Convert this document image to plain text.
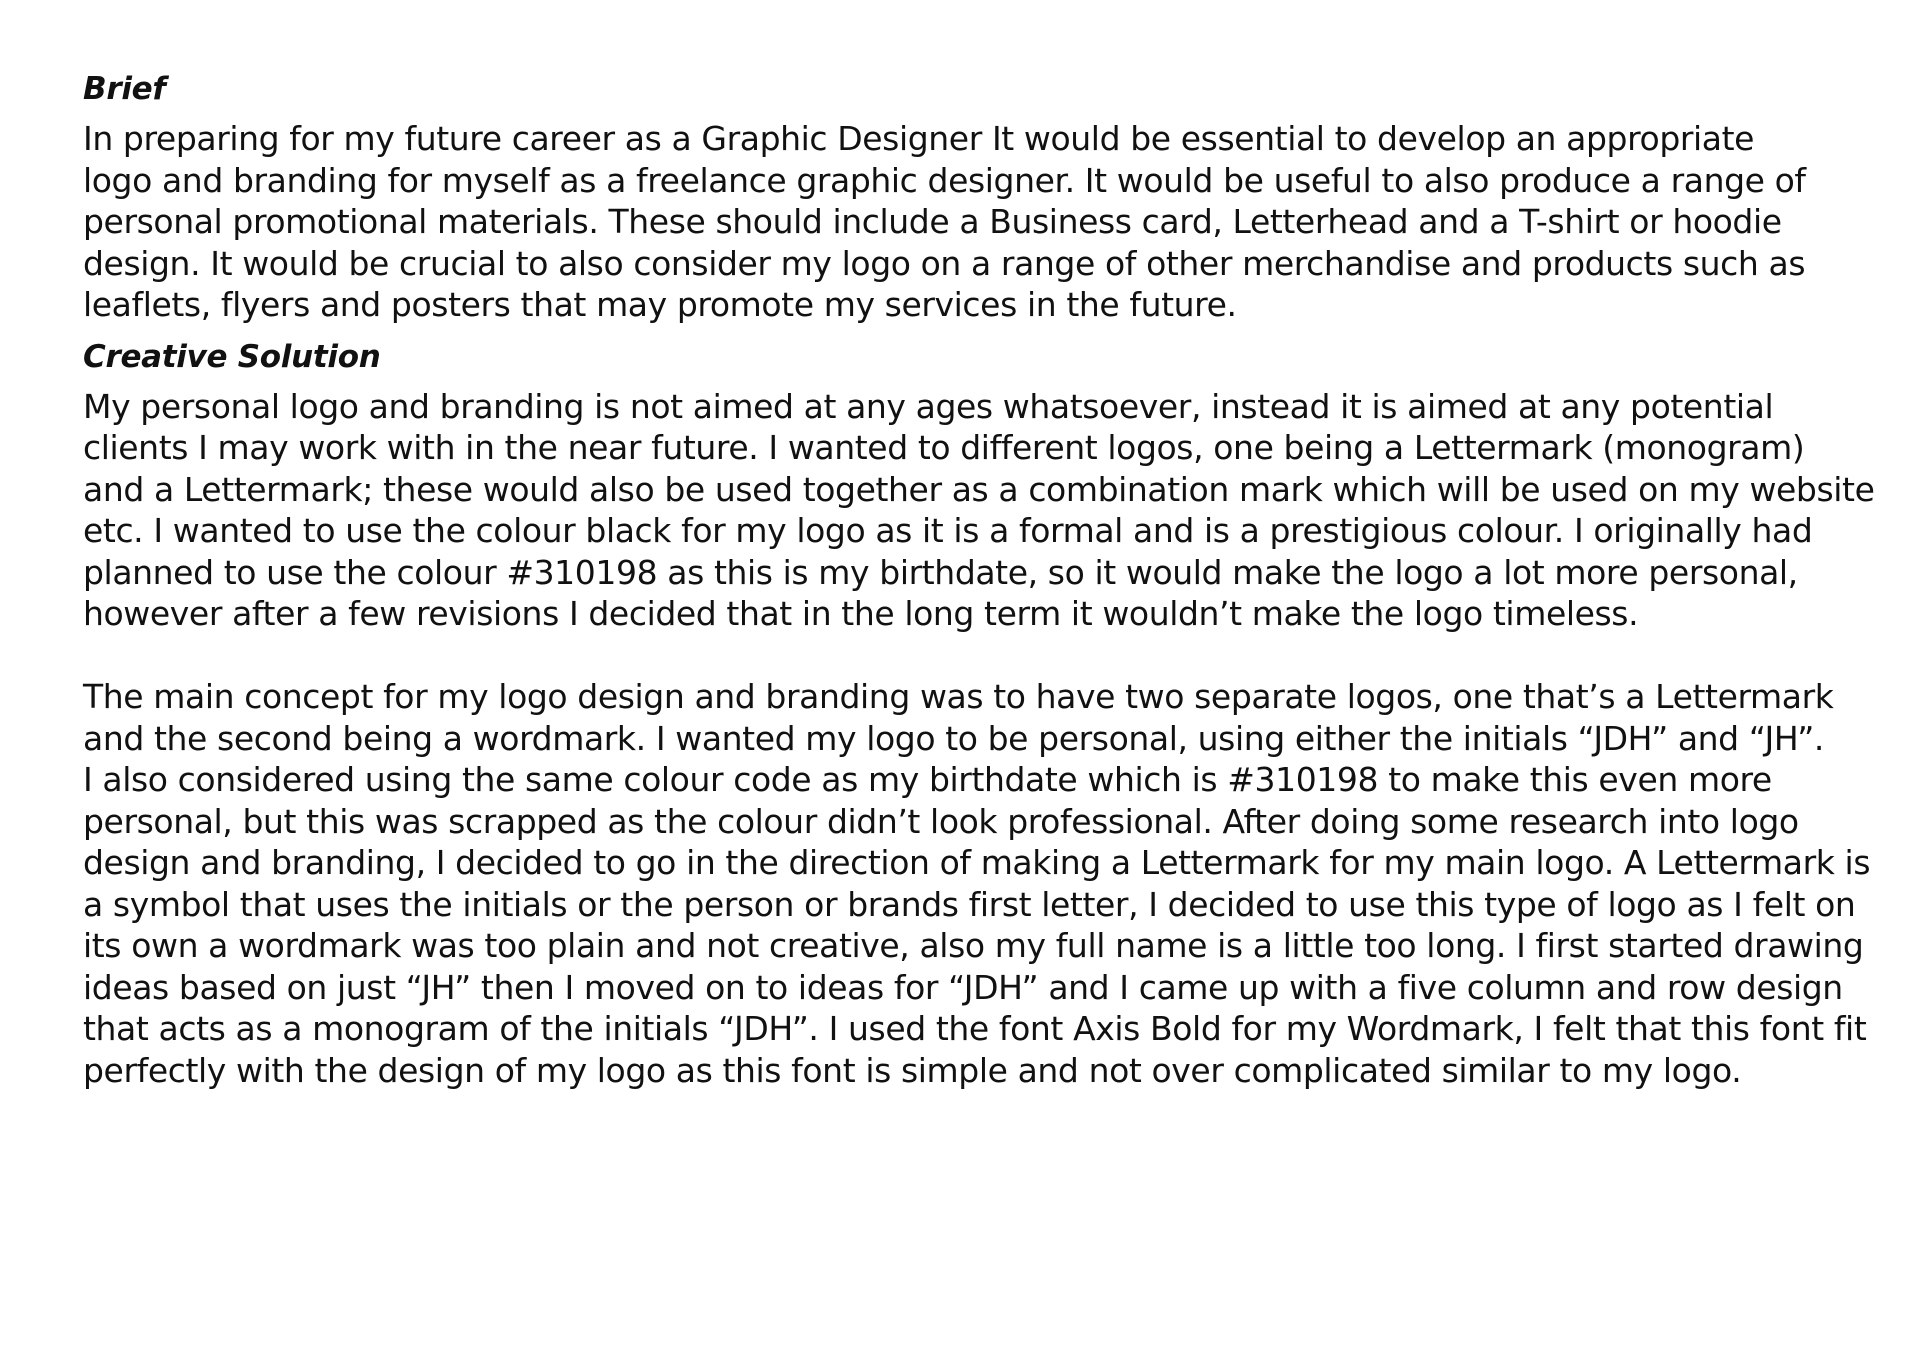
Brief

In preparing for my future career as a Graphic Designer It would be essential to develop an appropriate
logo and branding for myself as a freelance graphic designer. It would be useful to also produce a range of
personal promotional materials. These should include a Business card, Letterhead and a T-shirt or hoodie
design. It would be crucial to also consider my logo on a range of other merchandise and products such as
leaflets, flyers and posters that may promote my services in the future.

Creative Solution

My personal logo and branding is not aimed at any ages whatsoever, instead it is aimed at any potential
clients I may work with in the near future. I wanted to different logos, one being a Lettermark (monogram)
and a Lettermark; these would also be used together as a combination mark which will be used on my website
etc. I wanted to use the colour black for my logo as it is a formal and is a prestigious colour. I originally had
planned to use the colour #310198 as this is my birthdate, so it would make the logo a lot more personal,
however after a few revisions I decided that in the long term it wouldn’t make the logo timeless.

The main concept for my logo design and branding was to have two separate logos, one that’s a Lettermark
and the second being a wordmark. I wanted my logo to be personal, using either the initials “JDH” and “JH”.
I also considered using the same colour code as my birthdate which is #310198 to make this even more
personal, but this was scrapped as the colour didn’t look professional. After doing some research into logo
design and branding, I decided to go in the direction of making a Lettermark for my main logo. A Lettermark is
a symbol that uses the initials or the person or brands first letter, I decided to use this type of logo as I felt on
its own a wordmark was too plain and not creative, also my full name is a little too long. I first started drawing
ideas based on just “JH” then I moved on to ideas for “JDH” and I came up with a five column and row design
that acts as a monogram of the initials “JDH”. I used the font Axis Bold for my Wordmark, I felt that this font fit
perfectly with the design of my logo as this font is simple and not over complicated similar to my logo.
